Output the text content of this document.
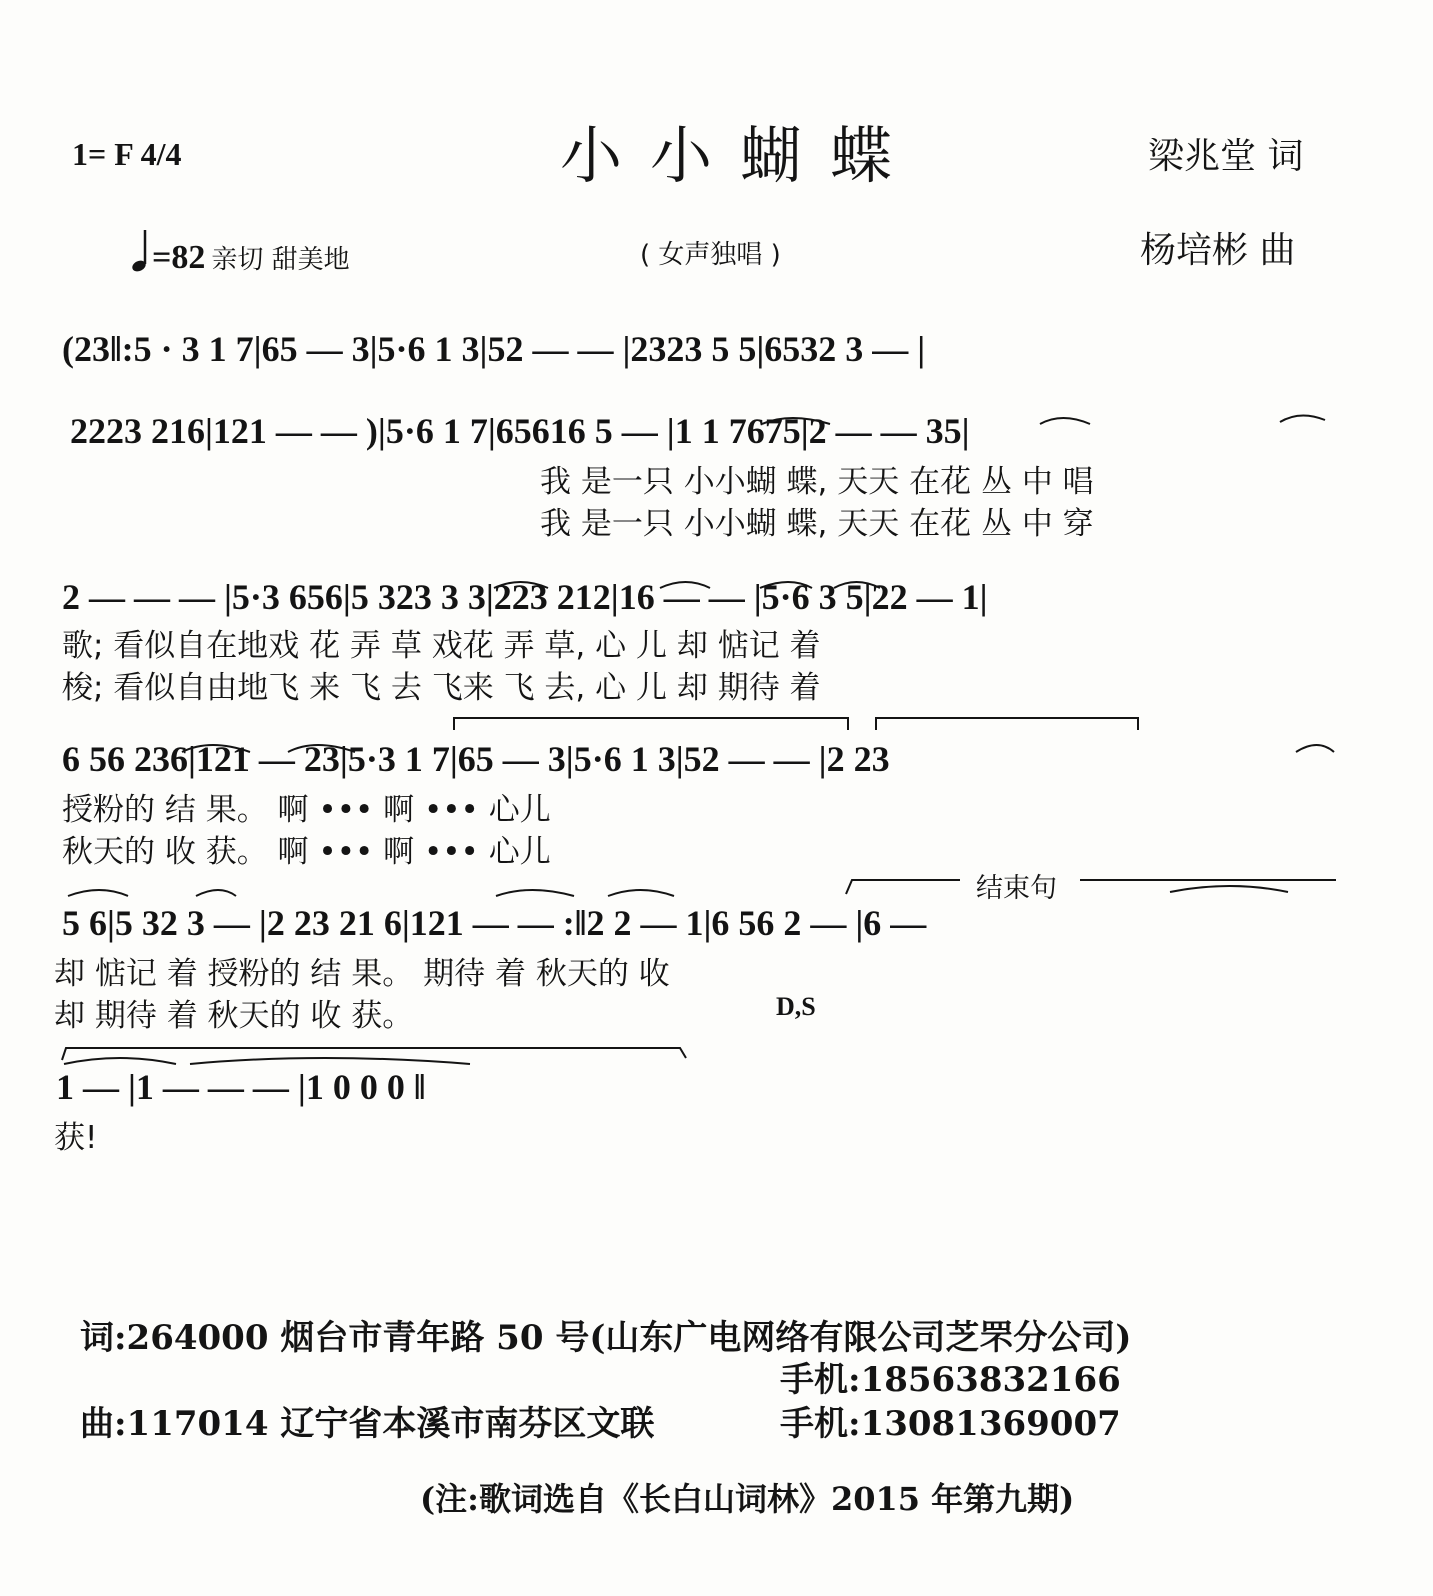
1= F 4/4	小小蝴蝶	梁兆堂 词
杨培彬 曲
=82 亲切 甜美地	( 女声独唱 )
(23‖:5 · 3 1 7|65 — 3|5·6 1 3|52 — — |2323 5 5|6532 3 — |
2223 216|121 — — )|5·6 1 7|65616 5 — |1 1 7675|2 — — 35|
我 是一只 小小蝴 蝶, 天天 在花 丛 中 唱
我 是一只 小小蝴 蝶, 天天 在花 丛 中 穿
2 — — — |5·3 656|5 323 3 3|223 212|16 — — |5·6 3 5|22 — 1|
歌; 看似自在地戏 花 弄 草 戏花 弄 草, 心 儿 却 惦记 着
梭; 看似自由地飞 来 飞 去 飞来 飞 去, 心 儿 却 期待 着
6 56 236|121 — 23|5·3 1 7|65 — 3|5·6 1 3|52 — — |2 23
授粉的 结 果。 啊 ••• 啊 ••• 心儿
秋天的 收 获。 啊 ••• 啊 ••• 心儿
结束句
5 6|5 32 3 — |2 23 21 6|121 — — :‖2 2 — 1|6 56 2 — |6 —
却 惦记 着 授粉的 结 果。 期待 着 秋天的 收
却 期待 着 秋天的 收 获。	D,S
1 — |1 — — — |1 0 0 0 ‖
获!
词:264000 烟台市青年路 50 号(山东广电网络有限公司芝罘分公司)
手机:18563832166
曲:117014 辽宁省本溪市南芬区文联	手机:13081369007
(注:歌词选自《长白山词林》2015 年第九期)
